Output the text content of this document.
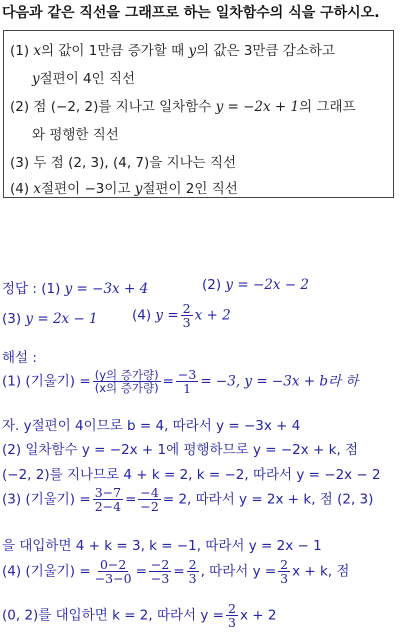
다음과 같은 직선을 그래프로 하는 일차함수의 식을 구하시오.
(1) x의 값이 1만큼 증가할 때 y의 값은 3만큼 감소하고
y절편이 4인 직선
(2) 점 (−2, 2)를 지나고 일차함수 y = −2x + 1의 그래프
와 평행한 직선
(3) 두 점 (2, 3), (4, 7)을 지나는 직선
(4) x절편이 −3이고 y절편이 2인 직선
정답 : (1) y = −3x + 4	(2) y = −2x − 2
(3) y = 2x − 1	(4) $y = \frac{2}{3}$ x + 2
해설 :
(1) (기울기) = $\frac{\text{(y의 증가량)}}{\text{(x의 증가량)}} = \frac{-3}{1} = -3$, y = −3x + b라 하
자. y절편이 4이므로 b = 4, 따라서 y = −3x + 4
(2) 일차함수 y = −2x + 1에 평행하므로 y = −2x + k, 점
(−2, 2)를 지나므로 4 + k = 2, k = −2, 따라서 y = −2x − 2
(3) (기울기) = $\frac{3-7}{2-4} = \frac{-4}{-2} = 2$, 따라서 y = 2x + k, 점 (2, 3)
을 대입하면 4 + k = 3, k = −1, 따라서 y = 2x − 1
(4) (기울기) = $\frac{0-2}{-3-0} = \frac{-2}{-3} = \frac{2}{3}$ , 따라서 $y = \frac{2}{3}$ x + k, 점
(0, 2)를 대입하면 k = 2, 따라서 $y = \frac{2}{3}$ x + 2
